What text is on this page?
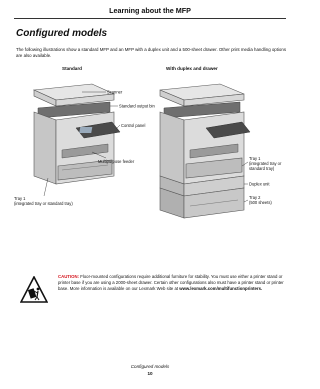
Learning about the MFP
Configured models
The following illustrations show a standard MFP and an MFP with a duplex unit and a 500-sheet drawer. Other print media handling options are also available.
Standard	With duplex and drawer
Scanner
Standard output bin
Control panel
Multipurpose feeder
Tray 1
(integrated tray or standard tray)
Tray 1
(integrated tray or
standard tray)
Duplex unit
Tray 2
(500 sheets)
CAUTION: Floor-mounted configurations require additional furniture for stability. You must use either a printer stand or printer base if you are using a 2000-sheet drawer. Certain other configurations also must have a printer stand or printer base. More information is available on our Lexmark Web site at www.lexmark.com/multifunctionprinters.
Configured models
10
